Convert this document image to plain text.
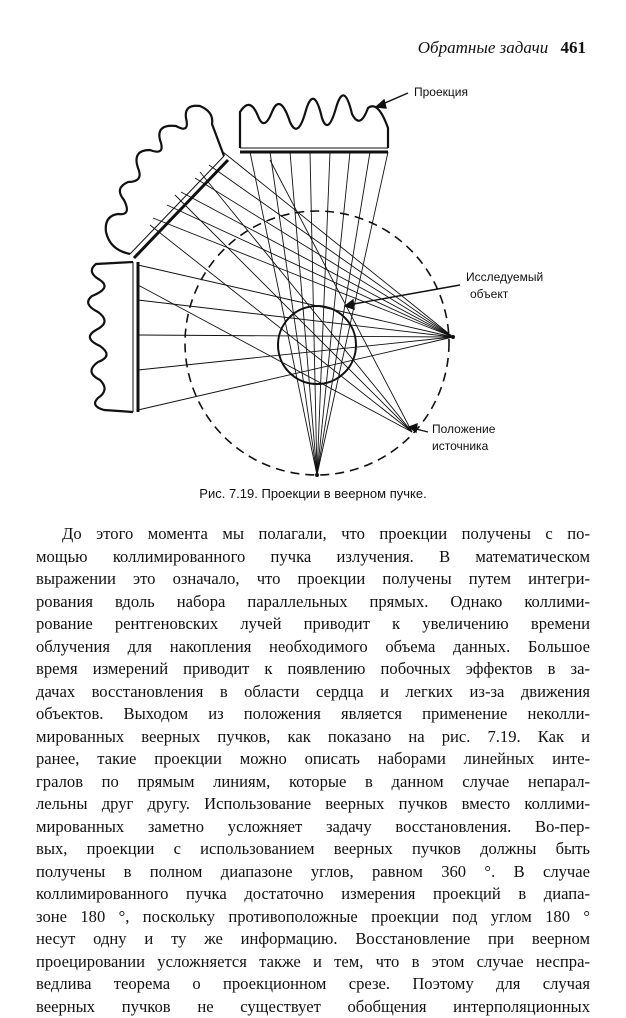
Обратные задачи 461
Проекция
Исследуемый
объект
Положение
источника
Рис. 7.19. Проекции в веерном пучке.
До этого момента мы полагали, что проекции получены с по-
мощью коллимированного пучка излучения. В математическом
выражении это означало, что проекции получены путем интегри-
рования вдоль набора параллельных прямых. Однако коллими-
рование рентгеновских лучей приводит к увеличению времени
облучения для накопления необходимого объема данных. Большое
время измерений приводит к появлению побочных эффектов в за-
дачах восстановления в области сердца и легких из-за движения
объектов. Выходом из положения является применение неколли-
мированных веерных пучков, как показано на рис. 7.19. Как и
ранее, такие проекции можно описать наборами линейных инте-
гралов по прямым линиям, которые в данном случае непарал-
лельны друг другу. Использование веерных пучков вместо коллими-
мированных заметно усложняет задачу восстановления. Во-пер-
вых, проекции с использованием веерных пучков должны быть
получены в полном диапазоне углов, равном 360 °. В случае
коллимированного пучка достаточно измерения проекций в диапа-
зоне 180 °, поскольку противоположные проекции под углом 180 °
несут одну и ту же информацию. Восстановление при веерном
проецировании усложняется также и тем, что в этом случае неспра-
ведлива теорема о проекционном срезе. Поэтому для случая
веерных пучков не существует обобщения интерполяционных
